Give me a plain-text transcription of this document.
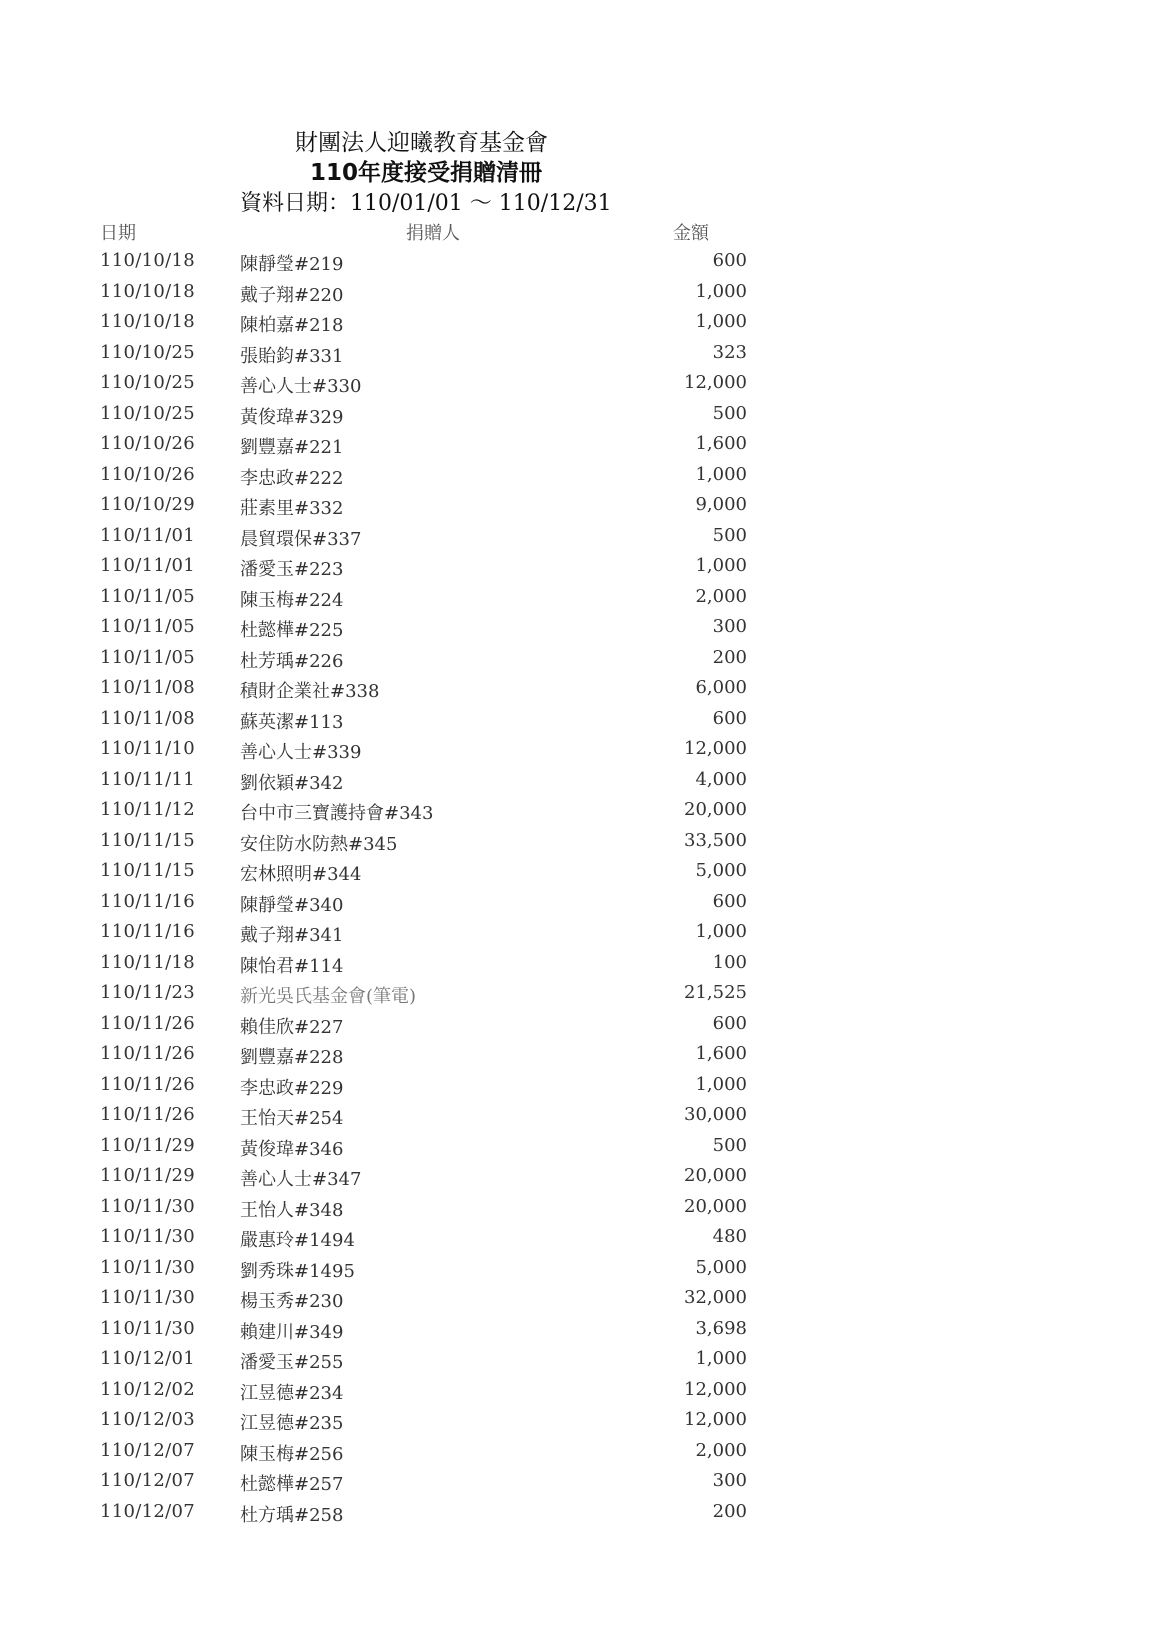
財團法人迎曦教育基金會
110年度接受捐贈清冊
資料日期：110/01/01 ～ 110/12/31
日期	捐贈人	金額
110/10/18	陳靜瑩#219	600
110/10/18	戴子翔#220	1,000
110/10/18	陳柏嘉#218	1,000
110/10/25	張貽鈞#331	323
110/10/25	善心人士#330	12,000
110/10/25	黃俊瑋#329	500
110/10/26	劉豐嘉#221	1,600
110/10/26	李忠政#222	1,000
110/10/29	莊素里#332	9,000
110/11/01	晨貿環保#337	500
110/11/01	潘愛玉#223	1,000
110/11/05	陳玉梅#224	2,000
110/11/05	杜懿樺#225	300
110/11/05	杜芳瑀#226	200
110/11/08	積財企業社#338	6,000
110/11/08	蘇英潔#113	600
110/11/10	善心人士#339	12,000
110/11/11	劉依穎#342	4,000
110/11/12	台中市三寶護持會#343	20,000
110/11/15	安住防水防熱#345	33,500
110/11/15	宏林照明#344	5,000
110/11/16	陳靜瑩#340	600
110/11/16	戴子翔#341	1,000
110/11/18	陳怡君#114	100
110/11/23	新光吳氏基金會(筆電)	21,525
110/11/26	賴佳欣#227	600
110/11/26	劉豐嘉#228	1,600
110/11/26	李忠政#229	1,000
110/11/26	王怡天#254	30,000
110/11/29	黃俊瑋#346	500
110/11/29	善心人士#347	20,000
110/11/30	王怡人#348	20,000
110/11/30	嚴惠玲#1494	480
110/11/30	劉秀珠#1495	5,000
110/11/30	楊玉秀#230	32,000
110/11/30	賴建川#349	3,698
110/12/01	潘愛玉#255	1,000
110/12/02	江昱德#234	12,000
110/12/03	江昱德#235	12,000
110/12/07	陳玉梅#256	2,000
110/12/07	杜懿樺#257	300
110/12/07	杜方瑀#258	200
